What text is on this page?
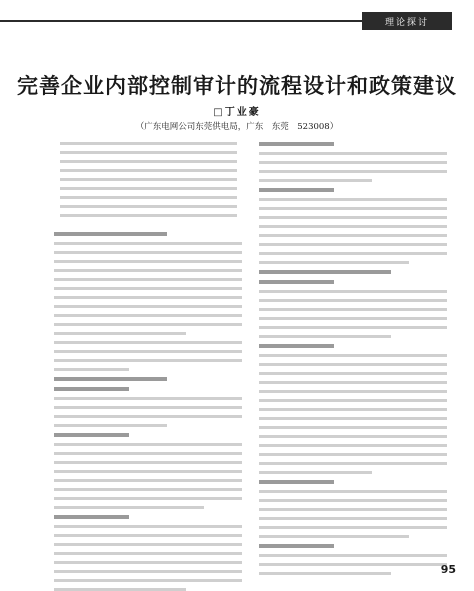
理论探讨
完善企业内部控制审计的流程设计和政策建议
□丁业豪
（广东电网公司东莞供电局，广东　东莞　523008）
95
